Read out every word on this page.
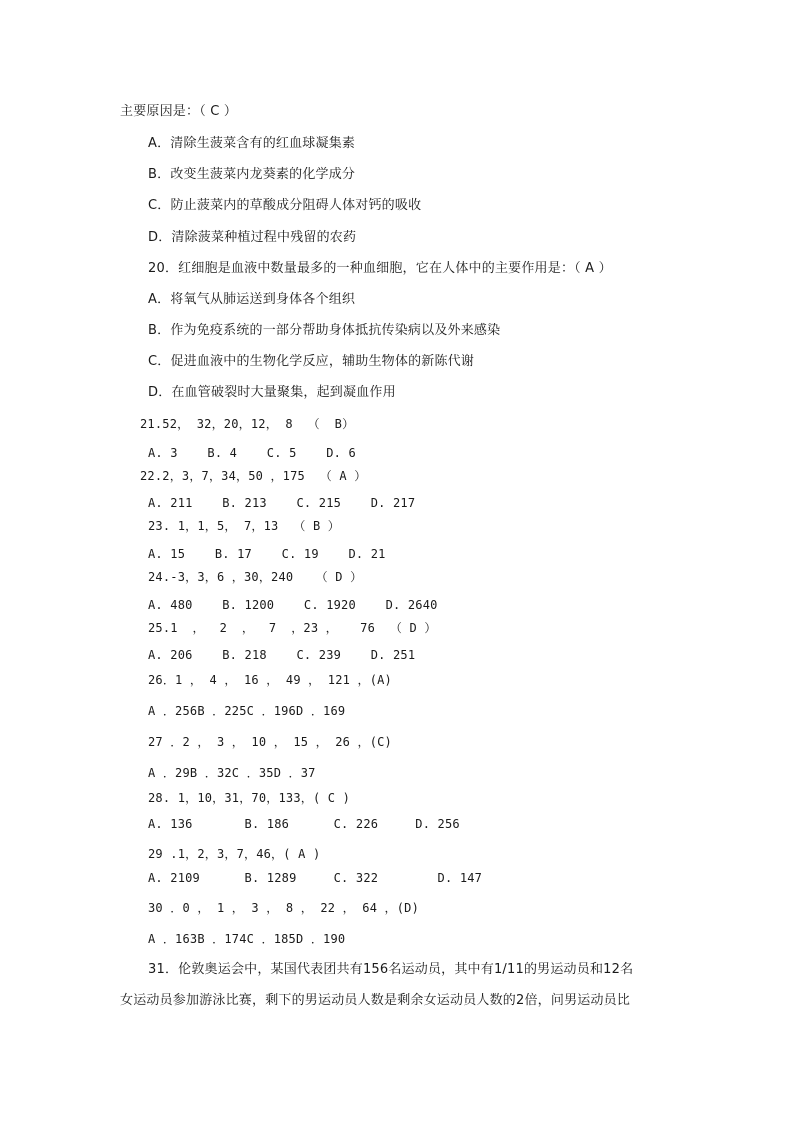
主要原因是：（ C ）
A．清除生菠菜含有的红血球凝集素
B．改变生菠菜内龙葵素的化学成分
C．防止菠菜内的草酸成分阻碍人体对钙的吸收
D．清除菠菜种植过程中残留的农药
20．红细胞是血液中数量最多的一种血细胞，它在人体中的主要作用是：（ A ）
A．将氧气从肺运送到身体各个组织
B．作为免疫系统的一部分帮助身体抵抗传染病以及外来感染
C．促进血液中的生物化学反应，辅助生物体的新陈代谢
D．在血管破裂时大量聚集，起到凝血作用
21.52， 32，20，12， 8  （  B）
A. 3    B. 4    C. 5    D. 6
22.2，3，7，34，50 ，175  （ A ）
A. 211    B. 213    C. 215    D. 217
23. 1，1，5， 7，13  （ B ）
A. 15    B. 17    C. 19    D. 21
24.-3，3，6 ，30，240   （ D ）
A. 480    B. 1200    C. 1920    D. 2640
25.1  ，  2  ，  7  ，23 ，   76  （ D ）
A. 206    B. 218    C. 239    D. 251
26．1 ， 4 ， 16 ， 49 ， 121 ，(A)
A ．256B ．225C ．196D ．169
27 ．2 ， 3 ， 10 ， 15 ， 26 ，(C)
A ．29B ．32C ．35D ．37
28. 1，10，31，70，133，( C )
A. 136       B. 186      C. 226     D. 256
29 .1，2，3，7，46，( A )
A. 2109      B. 1289     C. 322        D. 147
30 ．0 ， 1 ， 3 ， 8 ， 22 ， 64 ，(D)
A ．163B ．174C ．185D ．190
31．伦敦奥运会中，某国代表团共有156名运动员，其中有1/11的男运动员和12名
女运动员参加游泳比赛，剩下的男运动员人数是剩余女运动员人数的2倍，问男运动员比
